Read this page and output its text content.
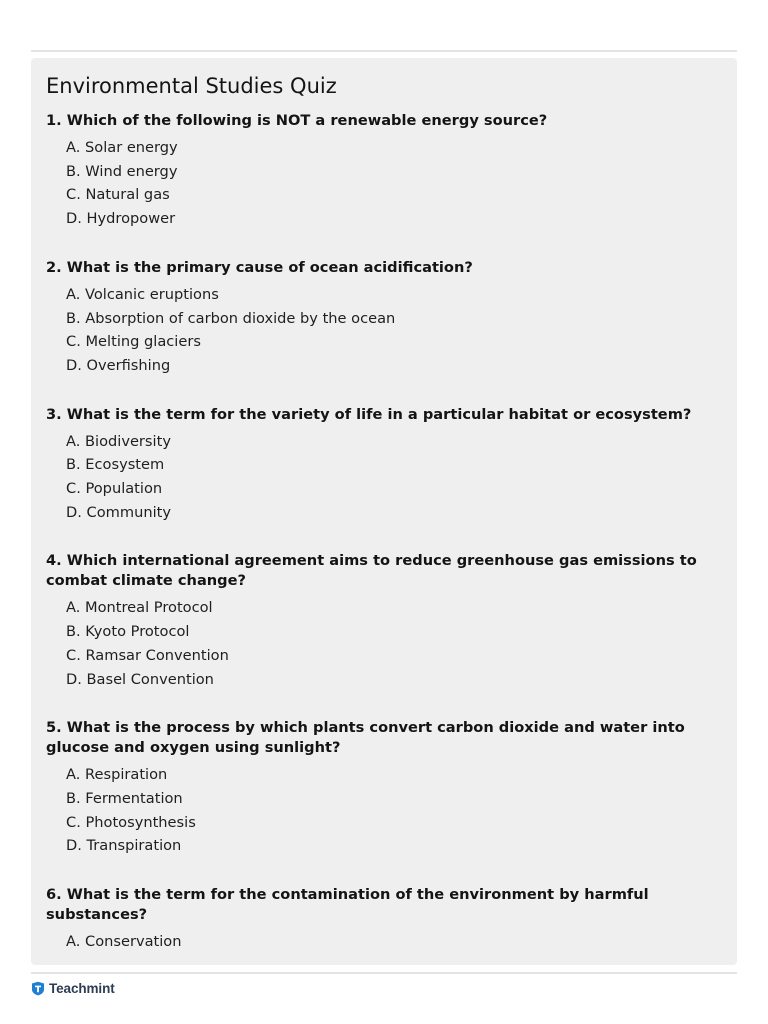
Environmental Studies Quiz

1. Which of the following is NOT a renewable energy source?

A. Solar energy
B. Wind energy
C. Natural gas
D. Hydropower

2. What is the primary cause of ocean acidification?

A. Volcanic eruptions
B. Absorption of carbon dioxide by the ocean
C. Melting glaciers
D. Overfishing

3. What is the term for the variety of life in a particular habitat or ecosystem?

A. Biodiversity
B. Ecosystem
C. Population
D. Community

4. Which international agreement aims to reduce greenhouse gas emissions to combat climate change?

A. Montreal Protocol
B. Kyoto Protocol
C. Ramsar Convention
D. Basel Convention

5. What is the process by which plants convert carbon dioxide and water into glucose and oxygen using sunlight?

A. Respiration
B. Fermentation
C. Photosynthesis
D. Transpiration

6. What is the term for the contamination of the environment by harmful substances?

A. Conservation
Teachmint
